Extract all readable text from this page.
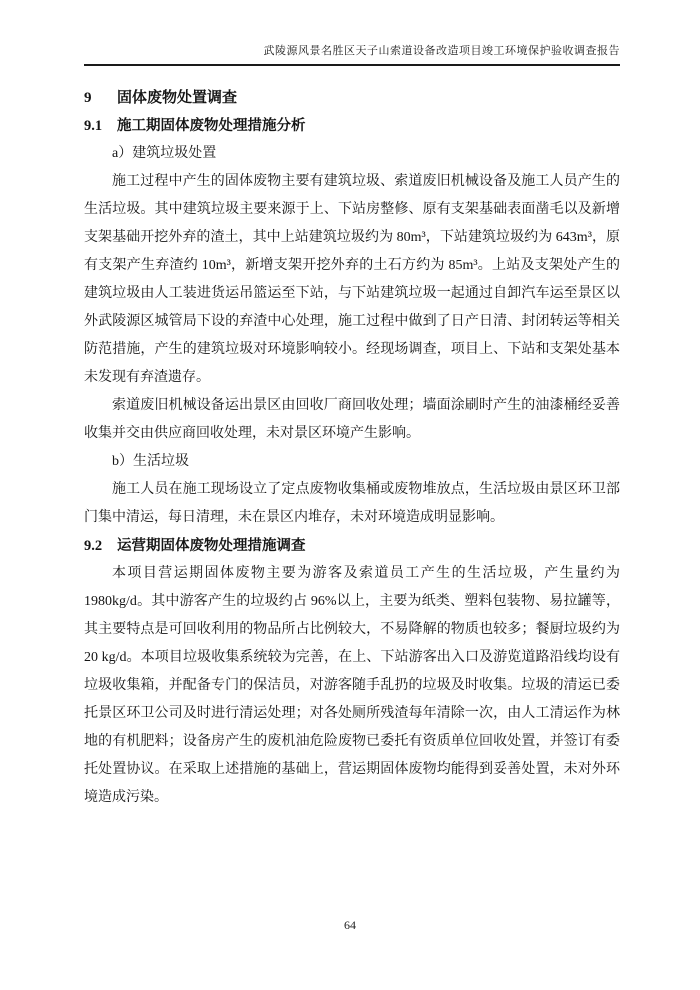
武陵源风景名胜区天子山索道设备改造项目竣工环境保护验收调查报告
9 固体废物处置调查
9.1 施工期固体废物处理措施分析

a）建筑垃圾处置

施工过程中产生的固体废物主要有建筑垃圾、索道废旧机械设备及施工人员产生的生活垃圾。其中建筑垃圾主要来源于上、下站房整修、原有支架基础表面凿毛以及新增支架基础开挖外弃的渣土，其中上站建筑垃圾约为 80m³，下站建筑垃圾约为 643m³，原有支架产生弃渣约 10m³，新增支架开挖外弃的土石方约为 85m³。上站及支架处产生的建筑垃圾由人工装进货运吊篮运至下站，与下站建筑垃圾一起通过自卸汽车运至景区以外武陵源区城管局下设的弃渣中心处理，施工过程中做到了日产日清、封闭转运等相关防范措施，产生的建筑垃圾对环境影响较小。经现场调查，项目上、下站和支架处基本未发现有弃渣遗存。

索道废旧机械设备运出景区由回收厂商回收处理；墙面涂刷时产生的油漆桶经妥善收集并交由供应商回收处理，未对景区环境产生影响。

b）生活垃圾

施工人员在施工现场设立了定点废物收集桶或废物堆放点，生活垃圾由景区环卫部门集中清运，每日清理，未在景区内堆存，未对环境造成明显影响。

9.2 运营期固体废物处理措施调查

本项目营运期固体废物主要为游客及索道员工产生的生活垃圾，产生量约为 1980kg/d。其中游客产生的垃圾约占 96%以上，主要为纸类、塑料包装物、易拉罐等，其主要特点是可回收利用的物品所占比例较大，不易降解的物质也较多；餐厨垃圾约为 20 kg/d。本项目垃圾收集系统较为完善，在上、下站游客出入口及游览道路沿线均设有垃圾收集箱，并配备专门的保洁员，对游客随手乱扔的垃圾及时收集。垃圾的清运已委托景区环卫公司及时进行清运处理；对各处厕所残渣每年清除一次，由人工清运作为林地的有机肥料；设备房产生的废机油危险废物已委托有资质单位回收处置，并签订有委托处置协议。在采取上述措施的基础上，营运期固体废物均能得到妥善处置，未对外环境造成污染。

64
